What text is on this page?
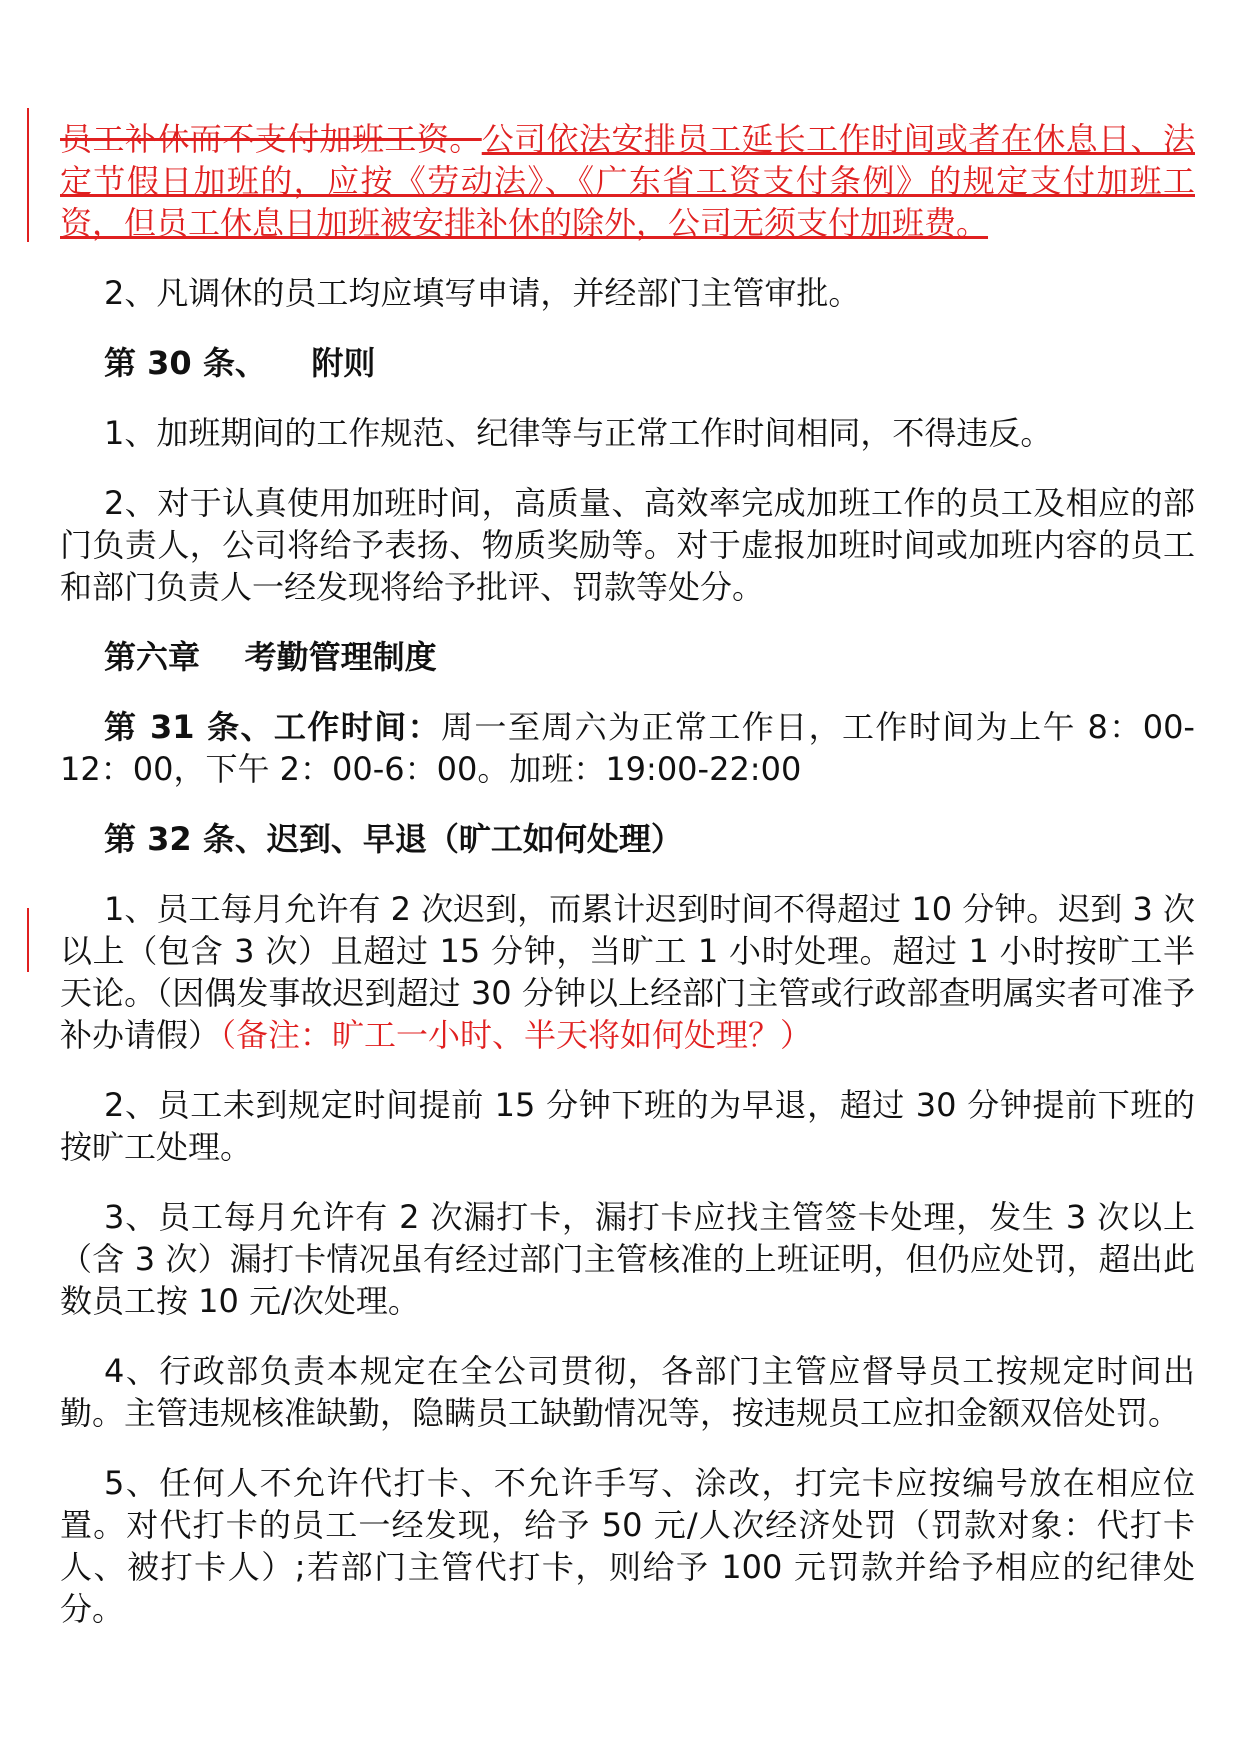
员工补休而不支付加班工资。公司依法安排员工延长工作时间或者在休息日、法定节假日加班的，应按《劳动法》、《广东省工资支付条例》的规定支付加班工资，但员工休息日加班被安排补休的除外，公司无须支付加班费。

2、凡调休的员工均应填写申请，并经部门主管审批。

第 30 条、    附则

1、加班期间的工作规范、纪律等与正常工作时间相同，不得违反。

2、对于认真使用加班时间，高质量、高效率完成加班工作的员工及相应的部门负责人，公司将给予表扬、物质奖励等。对于虚报加班时间或加班内容的员工和部门负责人一经发现将给予批评、罚款等处分。

第六章    考勤管理制度

第 31 条、工作时间：周一至周六为正常工作日，工作时间为上午 8：00-12：00，下午 2：00-6：00。加班：19:00-22:00

第 32 条、迟到、早退（旷工如何处理）

1、员工每月允许有 2 次迟到，而累计迟到时间不得超过 10 分钟。迟到 3 次以上（包含 3 次）且超过 15 分钟，当旷工 1 小时处理。超过 1 小时按旷工半天论。（因偶发事故迟到超过 30 分钟以上经部门主管或行政部查明属实者可准予补办请假）（备注：旷工一小时、半天将如何处理？）

2、员工未到规定时间提前 15 分钟下班的为早退，超过 30 分钟提前下班的按旷工处理。

3、员工每月允许有 2 次漏打卡，漏打卡应找主管签卡处理，发生 3 次以上（含 3 次）漏打卡情况虽有经过部门主管核准的上班证明，但仍应处罚，超出此数员工按 10 元/次处理。

4、行政部负责本规定在全公司贯彻，各部门主管应督导员工按规定时间出勤。主管违规核准缺勤，隐瞒员工缺勤情况等，按违规员工应扣金额双倍处罚。

5、任何人不允许代打卡、不允许手写、涂改，打完卡应按编号放在相应位置。对代打卡的员工一经发现，给予 50 元/人次经济处罚（罚款对象：代打卡人、被打卡人）;若部门主管代打卡，则给予 100 元罚款并给予相应的纪律处分。
